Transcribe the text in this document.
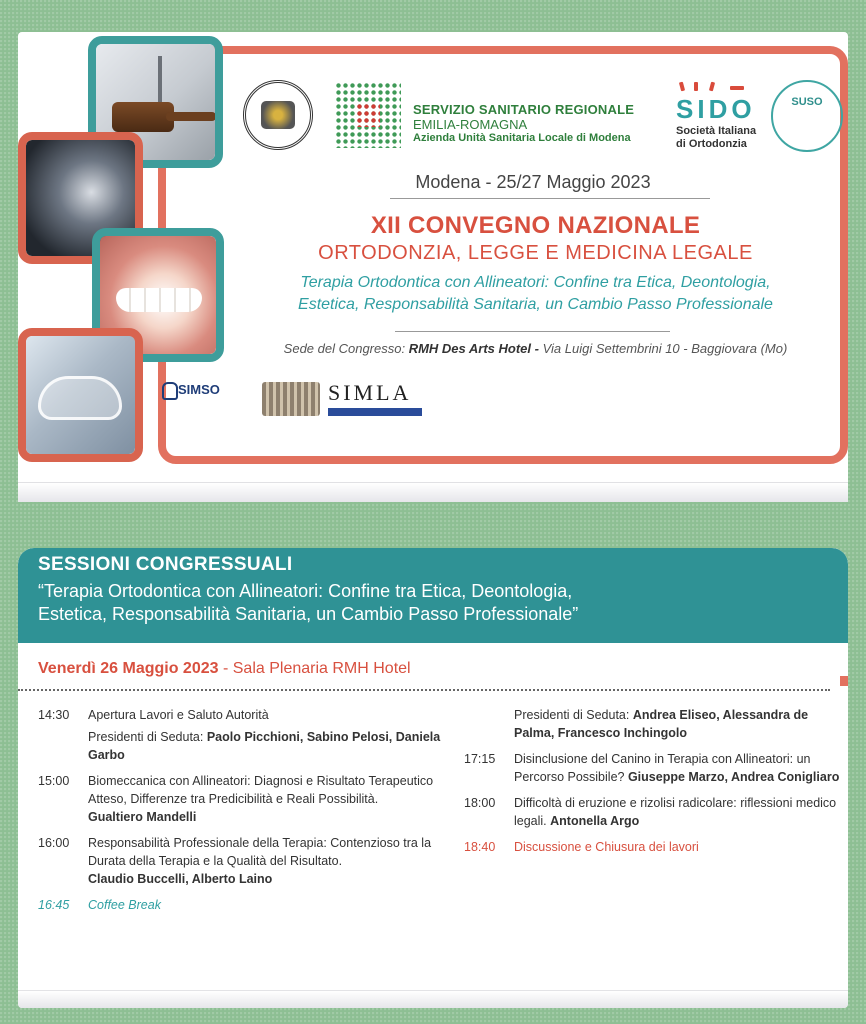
SERVIZIO SANITARIO REGIONALE
EMILIA-ROMAGNA
Azienda Unità Sanitaria Locale di Modena
SIDO
Società Italiana
di Ortodonzia
SUSO
Modena - 25/27 Maggio 2023
XII CONVEGNO NAZIONALE
ORTODONZIA, LEGGE E MEDICINA LEGALE
Terapia Ortodontica con Allineatori: Confine tra Etica, Deontologia,
Estetica, Responsabilità Sanitaria, un Cambio Passo Professionale
Sede del Congresso: RMH Des Arts Hotel - Via Luigi Settembrini 10 - Baggiovara (Mo)
SIMSO	SIMLA
SESSIONI CONGRESSUALI
“Terapia Ortodontica con Allineatori: Confine tra Etica, Deontologia,
Estetica, Responsabilità Sanitaria, un Cambio Passo Professionale”
Venerdì 26 Maggio 2023 - Sala Plenaria RMH Hotel
14:30	Apertura Lavori e Saluto Autorità
Presidenti di Seduta: Paolo Picchioni, Sabino Pelosi, Daniela Garbo
15:00	Biomeccanica con Allineatori: Diagnosi e Risultato Terapeutico Atteso, Differenze tra Predicibilità e Reali Possibilità.
Gualtiero Mandelli
16:00	Responsabilità Professionale della Terapia: Contenzioso tra la Durata della Terapia e la Qualità del Risultato.
Claudio Buccelli, Alberto Laino
16:45	Coffee Break
Presidenti di Seduta: Andrea Eliseo, Alessandra de Palma, Francesco Inchingolo
17:15	Disinclusione del Canino in Terapia con Allineatori: un Percorso Possibile? Giuseppe Marzo, Andrea Conigliaro
18:00	Difficoltà di eruzione e rizolisi radicolare: riflessioni medico legali. Antonella Argo
18:40	Discussione e Chiusura dei lavori
